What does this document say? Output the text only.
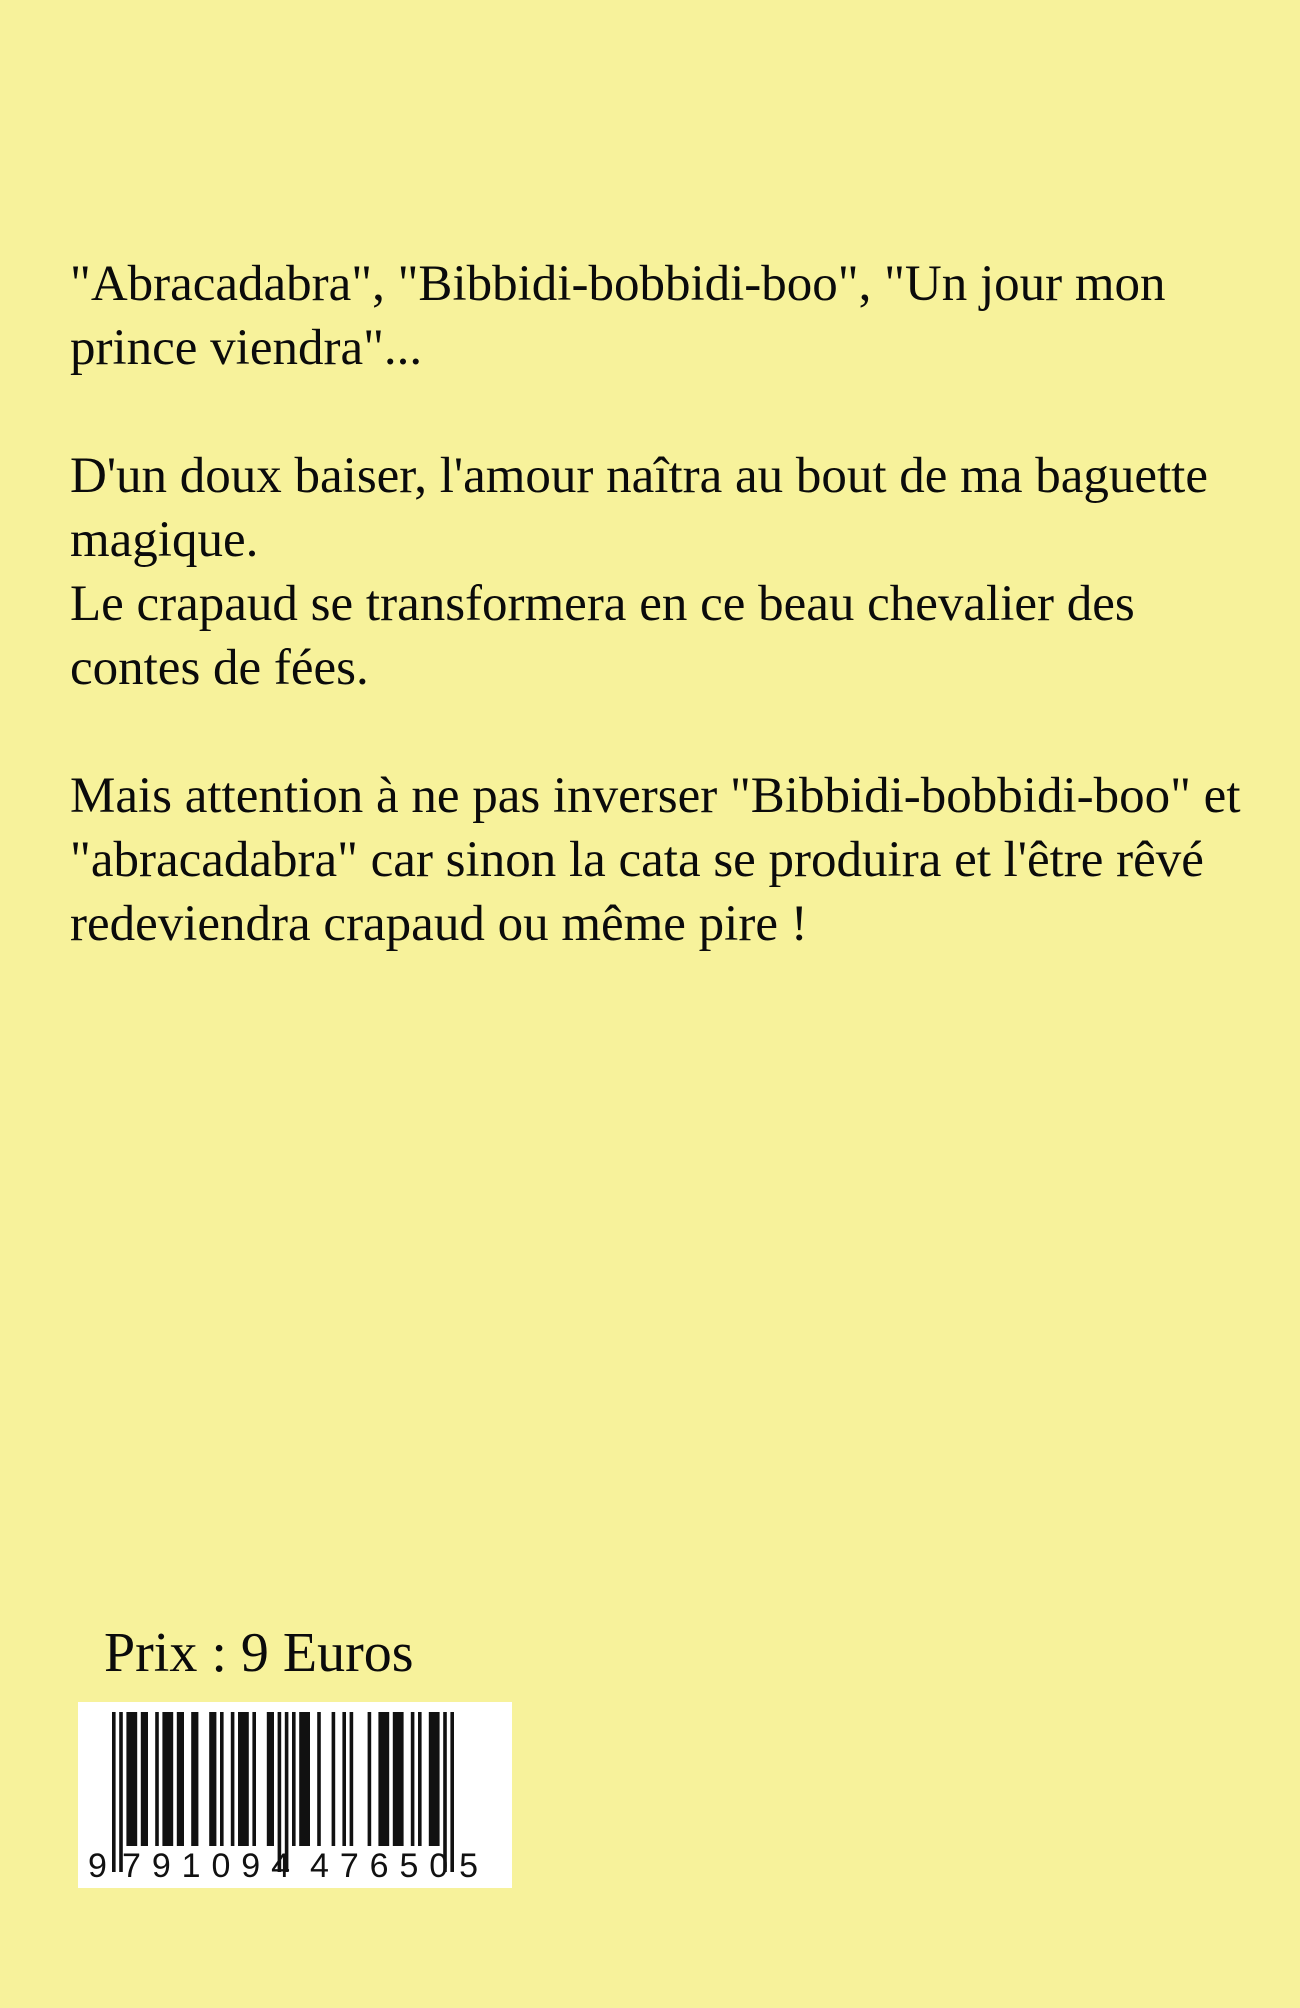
"Abracadabra", "Bibbidi-bobbidi-boo", "Un jour mon prince viendra"...

D'un doux baiser, l'amour naîtra au bout de ma baguette magique.
Le crapaud se transformera en ce beau chevalier des contes de fées.

Mais attention à ne pas inverser "Bibbidi-bobbidi-boo" et "abracadabra" car sinon la cata se produira et l'être rêvé redeviendra crapaud ou même pire !

Prix : 9 Euros
9 791094 476505
